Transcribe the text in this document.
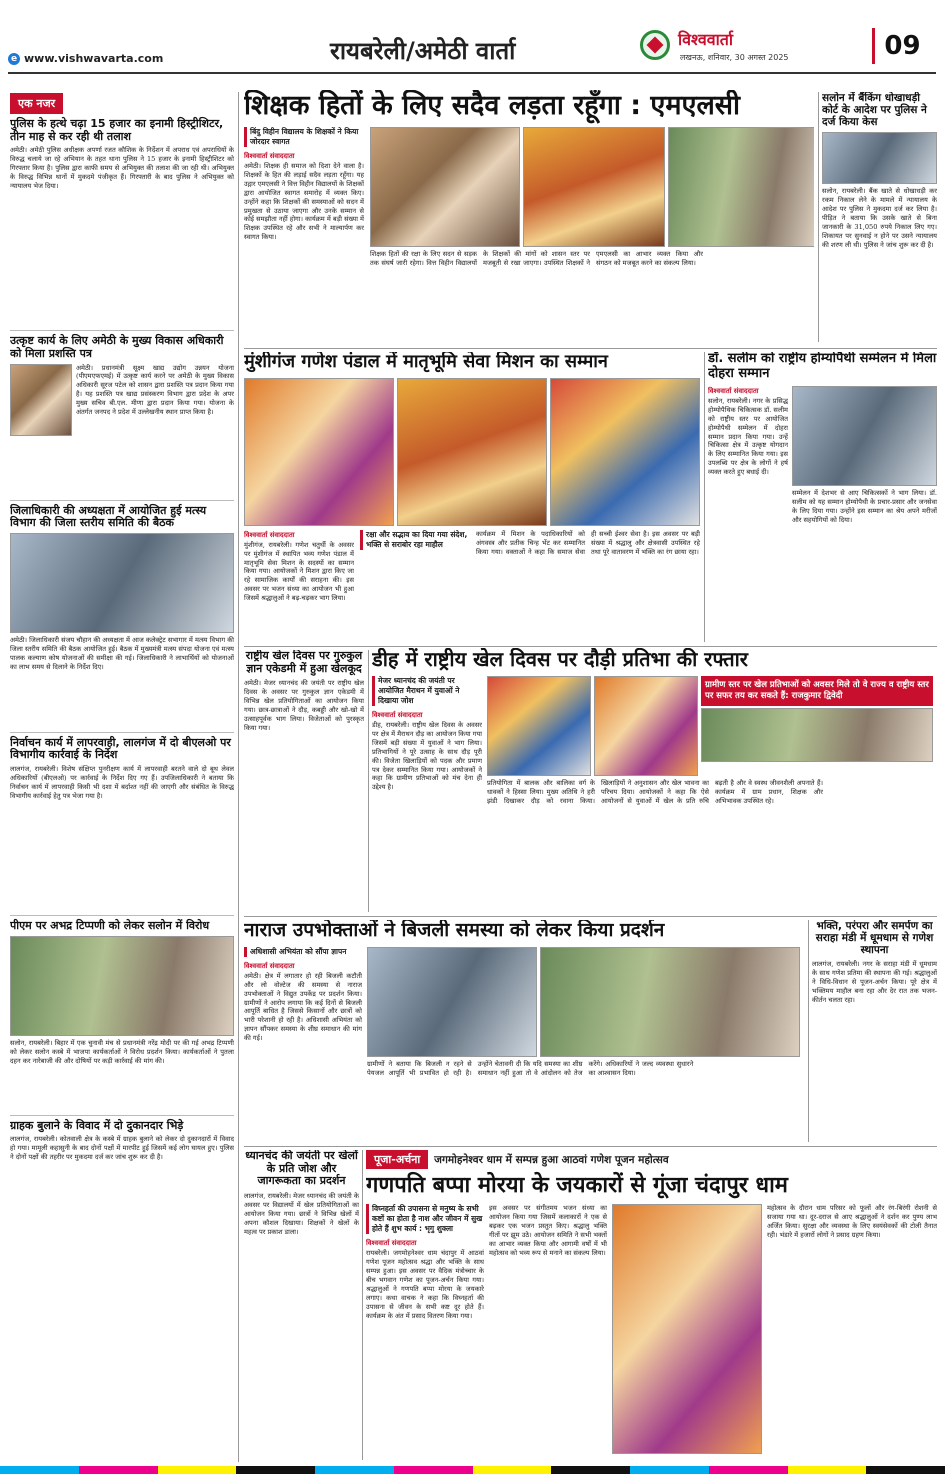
e www.vishwavarta.com	रायबरेली/अमेठी वार्ता	विश्ववार्ता
लखनऊ, शनिवार, 30 अगस्त 2025	09
एक नजर
पुलिस के हत्थे चढ़ा 15 हजार का इनामी हिस्ट्रीशिटर, तीन माह से कर रही थी तलाश
अमेठी। अमेठी पुलिस अधीक्षक अपर्णा रजत कौशिक के निर्देशन में अपराध एवं अपराधियों के विरुद्ध चलाये जा रहे अभियान के तहत थाना पुलिस ने 15 हजार के इनामी हिस्ट्रीशिटर को गिरफ्तार किया है। पुलिस द्वारा काफी समय से अभियुक्त की तलाश की जा रही थी। अभियुक्त के विरुद्ध विभिन्न थानों में मुकदमे पंजीकृत हैं। गिरफ्तारी के बाद पुलिस ने अभियुक्त को न्यायालय भेज दिया।
उत्कृष्ट कार्य के लिए अमेठी के मुख्य विकास अधिकारी को मिला प्रशस्ति पत्र
अमेठी। प्रधानमंत्री सूक्ष्म खाद्य उद्योग उन्नयन योजना (पीएमएफएमई) में उत्कृष्ट कार्य करने पर अमेठी के मुख्य विकास अधिकारी सूरज पटेल को शासन द्वारा प्रशस्ति पत्र प्रदान किया गया है। यह प्रशस्ति पत्र खाद्य प्रसंस्करण विभाग द्वारा प्रदेश के अपर मुख्य सचिव बी.एल. मीणा द्वारा प्रदान किया गया। योजना के अंतर्गत जनपद ने प्रदेश में उल्लेखनीय स्थान प्राप्त किया है।
जिलाधिकारी की अध्यक्षता में आयोजित हुई मत्स्य विभाग की जिला स्तरीय समिति की बैठक
अमेठी। जिलाधिकारी संजय चौहान की अध्यक्षता में आज कलेक्ट्रेट सभागार में मत्स्य विभाग की जिला स्तरीय समिति की बैठक आयोजित हुई। बैठक में मुख्यमंत्री मत्स्य संपदा योजना एवं मत्स्य पालक कल्याण कोष योजनाओं की समीक्षा की गई। जिलाधिकारी ने लाभार्थियों को योजनाओं का लाभ समय से दिलाने के निर्देश दिए।
निर्वाचन कार्य में लापरवाही, लालगंज में दो बीएलओ पर विभागीय कार्रवाई के निर्देश
लालगंज, रायबरेली। विशेष संक्षिप्त पुनरीक्षण कार्य में लापरवाही बरतने वाले दो बूथ लेवल अधिकारियों (बीएलओ) पर कार्रवाई के निर्देश दिए गए हैं। उपजिलाधिकारी ने बताया कि निर्वाचन कार्य में लापरवाही किसी भी दशा में बर्दाश्त नहीं की जाएगी और संबंधित के विरुद्ध विभागीय कार्रवाई हेतु पत्र भेजा गया है।
पीएम पर अभद्र टिप्पणी को लेकर सलोन में विरोध
सलोन, रायबरेली। बिहार में एक चुनावी मंच से प्रधानमंत्री नरेंद्र मोदी पर की गई अभद्र टिप्पणी को लेकर सलोन कस्बे में भाजपा कार्यकर्ताओं ने विरोध प्रदर्शन किया। कार्यकर्ताओं ने पुतला दहन कर नारेबाजी की और दोषियों पर कड़ी कार्रवाई की मांग की।
ग्राहक बुलाने के विवाद में दो दुकानदार भिड़े
लालगंज, रायबरेली। कोतवाली क्षेत्र के कस्बे में ग्राहक बुलाने को लेकर दो दुकानदारों में विवाद हो गया। मामूली कहासुनी के बाद दोनों पक्षों में मारपीट हुई जिसमें कई लोग घायल हुए। पुलिस ने दोनों पक्षों की तहरीर पर मुकदमा दर्ज कर जांच शुरू कर दी है।
शिक्षक हितों के लिए सदैव लड़ता रहूँगा : एमएलसी
बिंदु विहीन विद्यालय के शिक्षकों ने किया जोरदार स्वागत
विश्ववार्ता संवाददाता
अमेठी। शिक्षक ही समाज को दिशा देने वाला है। शिक्षकों के हित की लड़ाई सदैव लड़ता रहूँगा। यह उद्गार एमएलसी ने वित्त विहीन विद्यालयों के शिक्षकों द्वारा आयोजित स्वागत समारोह में व्यक्त किए। उन्होंने कहा कि शिक्षकों की समस्याओं को सदन में प्रमुखता से उठाया जाएगा और उनके सम्मान से कोई समझौता नहीं होगा। कार्यक्रम में बड़ी संख्या में शिक्षक उपस्थित रहे और सभी ने माल्यार्पण कर स्वागत किया।
शिक्षक हितों की रक्षा के लिए सदन से सड़क तक संघर्ष जारी रहेगा। वित्त विहीन विद्यालयों के शिक्षकों की मांगों को शासन स्तर पर मजबूती से रखा जाएगा। उपस्थित शिक्षकों ने एमएलसी का आभार व्यक्त किया और संगठन को मजबूत करने का संकल्प लिया।
सलोन में बैंकिंग धोखाधड़ी कोर्ट के आदेश पर पुलिस ने दर्ज किया केस
सलोन, रायबरेली। बैंक खाते से धोखाधड़ी कर रकम निकाल लेने के मामले में न्यायालय के आदेश पर पुलिस ने मुकदमा दर्ज कर लिया है। पीड़ित ने बताया कि उसके खाते से बिना जानकारी के 31,050 रुपये निकाल लिए गए। शिकायत पर सुनवाई न होने पर उसने न्यायालय की शरण ली थी। पुलिस ने जांच शुरू कर दी है।
मुंशीगंज गणेश पंडाल में मातृभूमि सेवा मिशन का सम्मान
विश्ववार्ता संवाददाता
मुंशीगंज, रायबरेली। गणेश चतुर्थी के अवसर पर मुंशीगंज में स्थापित भव्य गणेश पंडाल में मातृभूमि सेवा मिशन के सदस्यों का सम्मान किया गया। आयोजकों ने मिशन द्वारा किए जा रहे सामाजिक कार्यों की सराहना की। इस अवसर पर भजन संध्या का आयोजन भी हुआ जिसमें श्रद्धालुओं ने बढ़-चढ़कर भाग लिया।
रक्षा और सद्भाव का दिया गया संदेश, भक्ति से सराबोर रहा माहौल
कार्यक्रम में मिशन के पदाधिकारियों को अंगवस्त्र और प्रतीक चिन्ह भेंट कर सम्मानित किया गया। वक्ताओं ने कहा कि समाज सेवा ही सच्ची ईश्वर सेवा है। इस अवसर पर बड़ी संख्या में श्रद्धालु और क्षेत्रवासी उपस्थित रहे तथा पूरे वातावरण में भक्ति का रंग छाया रहा।
डॉ. सलीम को राष्ट्रीय होम्योपैथी सम्मेलन में मिला दोहरा सम्मान
विश्ववार्ता संवाददाता
सलोन, रायबरेली। नगर के प्रसिद्ध होम्योपैथिक चिकित्सक डॉ. सलीम को राष्ट्रीय स्तर पर आयोजित होम्योपैथी सम्मेलन में दोहरा सम्मान प्रदान किया गया। उन्हें चिकित्सा क्षेत्र में उत्कृष्ट योगदान के लिए सम्मानित किया गया। इस उपलब्धि पर क्षेत्र के लोगों ने हर्ष व्यक्त करते हुए बधाई दी।
सम्मेलन में देशभर से आए चिकित्सकों ने भाग लिया। डॉ. सलीम को यह सम्मान होम्योपैथी के प्रचार-प्रसार और जनसेवा के लिए दिया गया। उन्होंने इस सम्मान का श्रेय अपने मरीजों और सहयोगियों को दिया।
राष्ट्रीय खेल दिवस पर गुरुकुल ज्ञान एकेडमी में हुआ खेलकूद
अमेठी। मेजर ध्यानचंद की जयंती पर राष्ट्रीय खेल दिवस के अवसर पर गुरुकुल ज्ञान एकेडमी में विभिन्न खेल प्रतियोगिताओं का आयोजन किया गया। छात्र-छात्राओं ने दौड़, कबड्डी और खो-खो में उत्साहपूर्वक भाग लिया। विजेताओं को पुरस्कृत किया गया।
डीह में राष्ट्रीय खेल दिवस पर दौड़ी प्रतिभा की रफ्तार
मेजर ध्यानचंद की जयंती पर आयोजित मैराथन में युवाओं ने दिखाया जोश
विश्ववार्ता संवाददाता
डीह, रायबरेली। राष्ट्रीय खेल दिवस के अवसर पर क्षेत्र में मैराथन दौड़ का आयोजन किया गया जिसमें बड़ी संख्या में युवाओं ने भाग लिया। प्रतिभागियों ने पूरे उत्साह के साथ दौड़ पूरी की। विजेता खिलाड़ियों को पदक और प्रमाण पत्र देकर सम्मानित किया गया। आयोजकों ने कहा कि ग्रामीण प्रतिभाओं को मंच देना ही उद्देश्य है।
ग्रामीण स्तर पर खेल प्रतिभाओं को अवसर मिले तो वे राज्य व राष्ट्रीय स्तर पर सफर तय कर सकते हैं: राजकुमार द्विवेदी
प्रतियोगिता में बालक और बालिका वर्ग के धावकों ने हिस्सा लिया। मुख्य अतिथि ने हरी झंडी दिखाकर दौड़ को रवाना किया। खिलाड़ियों ने अनुशासन और खेल भावना का परिचय दिया। आयोजकों ने कहा कि ऐसे आयोजनों से युवाओं में खेल के प्रति रुचि बढ़ती है और वे स्वस्थ जीवनशैली अपनाते हैं। कार्यक्रम में ग्राम प्रधान, शिक्षक और अभिभावक उपस्थित रहे।
नाराज उपभोक्ताओं ने बिजली समस्या को लेकर किया प्रदर्शन
अधिशासी अभियंता को सौंपा ज्ञापन
विश्ववार्ता संवाददाता
अमेठी। क्षेत्र में लगातार हो रही बिजली कटौती और लो वोल्टेज की समस्या से नाराज उपभोक्ताओं ने विद्युत उपकेंद्र पर प्रदर्शन किया। ग्रामीणों ने आरोप लगाया कि कई दिनों से बिजली आपूर्ति बाधित है जिससे किसानों और छात्रों को भारी परेशानी हो रही है। अधिशासी अभियंता को ज्ञापन सौंपकर समस्या के शीघ्र समाधान की मांग की गई।
ग्रामीणों ने बताया कि बिजली न रहने से पेयजल आपूर्ति भी प्रभावित हो रही है। उन्होंने चेतावनी दी कि यदि समस्या का शीघ्र समाधान नहीं हुआ तो वे आंदोलन को तेज करेंगे। अधिकारियों ने जल्द व्यवस्था सुधारने का आश्वासन दिया।
भक्ति, परंपरा और समर्पण का सराहा मंडी में धूमधाम से गणेश स्थापना
लालगंज, रायबरेली। नगर के सराहा मंडी में धूमधाम के साथ गणेश प्रतिमा की स्थापना की गई। श्रद्धालुओं ने विधि-विधान से पूजन-अर्चन किया। पूरे क्षेत्र में भक्तिमय माहौल बना रहा और देर रात तक भजन-कीर्तन चलता रहा।
ध्यानचंद की जयंती पर खेलों के प्रति जोश और जागरूकता का प्रदर्शन
लालगंज, रायबरेली। मेजर ध्यानचंद की जयंती के अवसर पर विद्यालयों में खेल प्रतियोगिताओं का आयोजन किया गया। छात्रों ने विभिन्न खेलों में अपना कौशल दिखाया। शिक्षकों ने खेलों के महत्व पर प्रकाश डाला।
पूजा-अर्चना	जगमोहनेश्वर धाम में सम्पन्न हुआ आठवां गणेश पूजन महोत्सव
गणपति बप्पा मोरया के जयकारों से गूंजा चंदापुर धाम
विघ्नहर्ता की उपासना से मनुष्य के सभी कष्टों का होता है नाश और जीवन में सुख होते हैं शुभ कार्य : भृगु शुक्ला
विश्ववार्ता संवाददाता
रायबरेली। जगमोहनेश्वर धाम चंदापुर में आठवां गणेश पूजन महोत्सव श्रद्धा और भक्ति के साथ सम्पन्न हुआ। इस अवसर पर वैदिक मंत्रोच्चार के बीच भगवान गणेश का पूजन-अर्चन किया गया। श्रद्धालुओं ने गणपति बप्पा मोरया के जयकारे लगाए। कथा वाचक ने कहा कि विघ्नहर्ता की उपासना से जीवन के सभी कष्ट दूर होते हैं। कार्यक्रम के अंत में प्रसाद वितरण किया गया।
इस अवसर पर संगीतमय भजन संध्या का आयोजन किया गया जिसमें कलाकारों ने एक से बढ़कर एक भजन प्रस्तुत किए। श्रद्धालु भक्ति गीतों पर झूम उठे। आयोजन समिति ने सभी भक्तों का आभार व्यक्त किया और आगामी वर्षों में भी महोत्सव को भव्य रूप से मनाने का संकल्प लिया।
महोत्सव के दौरान धाम परिसर को फूलों और रंग-बिरंगी रोशनी से सजाया गया था। दूर-दराज से आए श्रद्धालुओं ने दर्शन कर पुण्य लाभ अर्जित किया। सुरक्षा और व्यवस्था के लिए स्वयंसेवकों की टोली तैनात रही। भंडारे में हजारों लोगों ने प्रसाद ग्रहण किया।
